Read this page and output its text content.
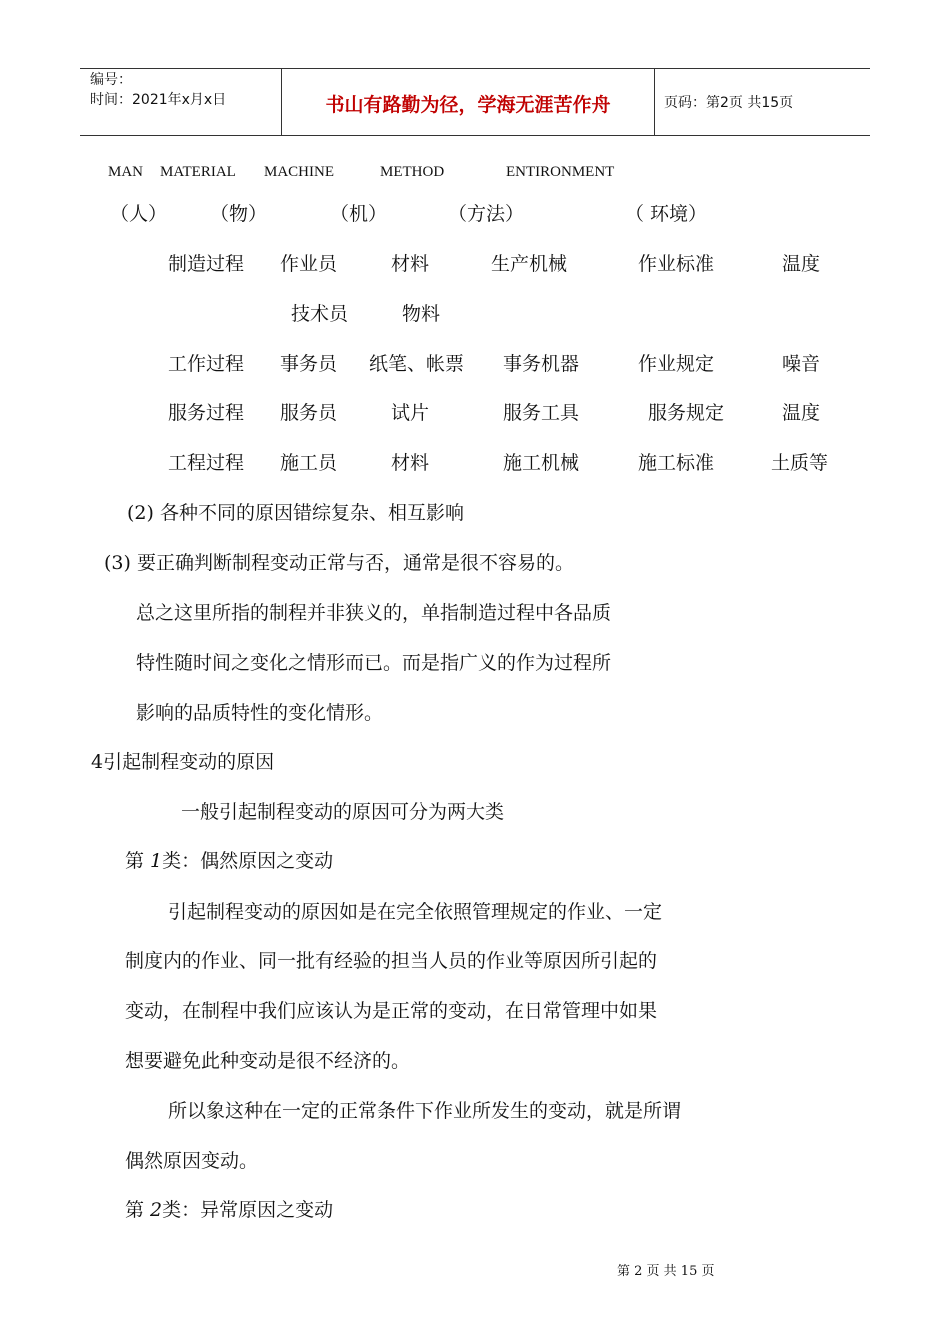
编号：
时间：2021年x月x日	书山有路勤为径，学海无涯苦作舟	页码：第2页 共15页
MAN MATERIAL MACHINE	METHOD	ENTIRONMENT
（人） （物）	（机）	（方法）	（ 环境）
制造过程 作业员	材料	生产机械	作业标准	温度
技术员	物料
工作过程 事务员 纸笔、帐票 事务机器	作业规定	噪音
服务过程 服务员	试片	服务工具	服务规定	温度
工程过程 施工员	材料	施工机械	施工标准	土质等
(2) 各种不同的原因错综复杂、相互影响
(3) 要正确判断制程变动正常与否，通常是很不容易的。
总之这里所指的制程并非狭义的，单指制造过程中各品质
特性随时间之变化之情形而已。而是指广义的作为过程所
影响的品质特性的变化情形。
4引起制程变动的原因
一般引起制程变动的原因可分为两大类
第 1类：偶然原因之变动
引起制程变动的原因如是在完全依照管理规定的作业、一定
制度内的作业、同一批有经验的担当人员的作业等原因所引起的
变动，在制程中我们应该认为是正常的变动，在日常管理中如果
想要避免此种变动是很不经济的。
所以象这种在一定的正常条件下作业所发生的变动，就是所谓
偶然原因变动。
第 2类：异常原因之变动
第 2 页 共 15 页
